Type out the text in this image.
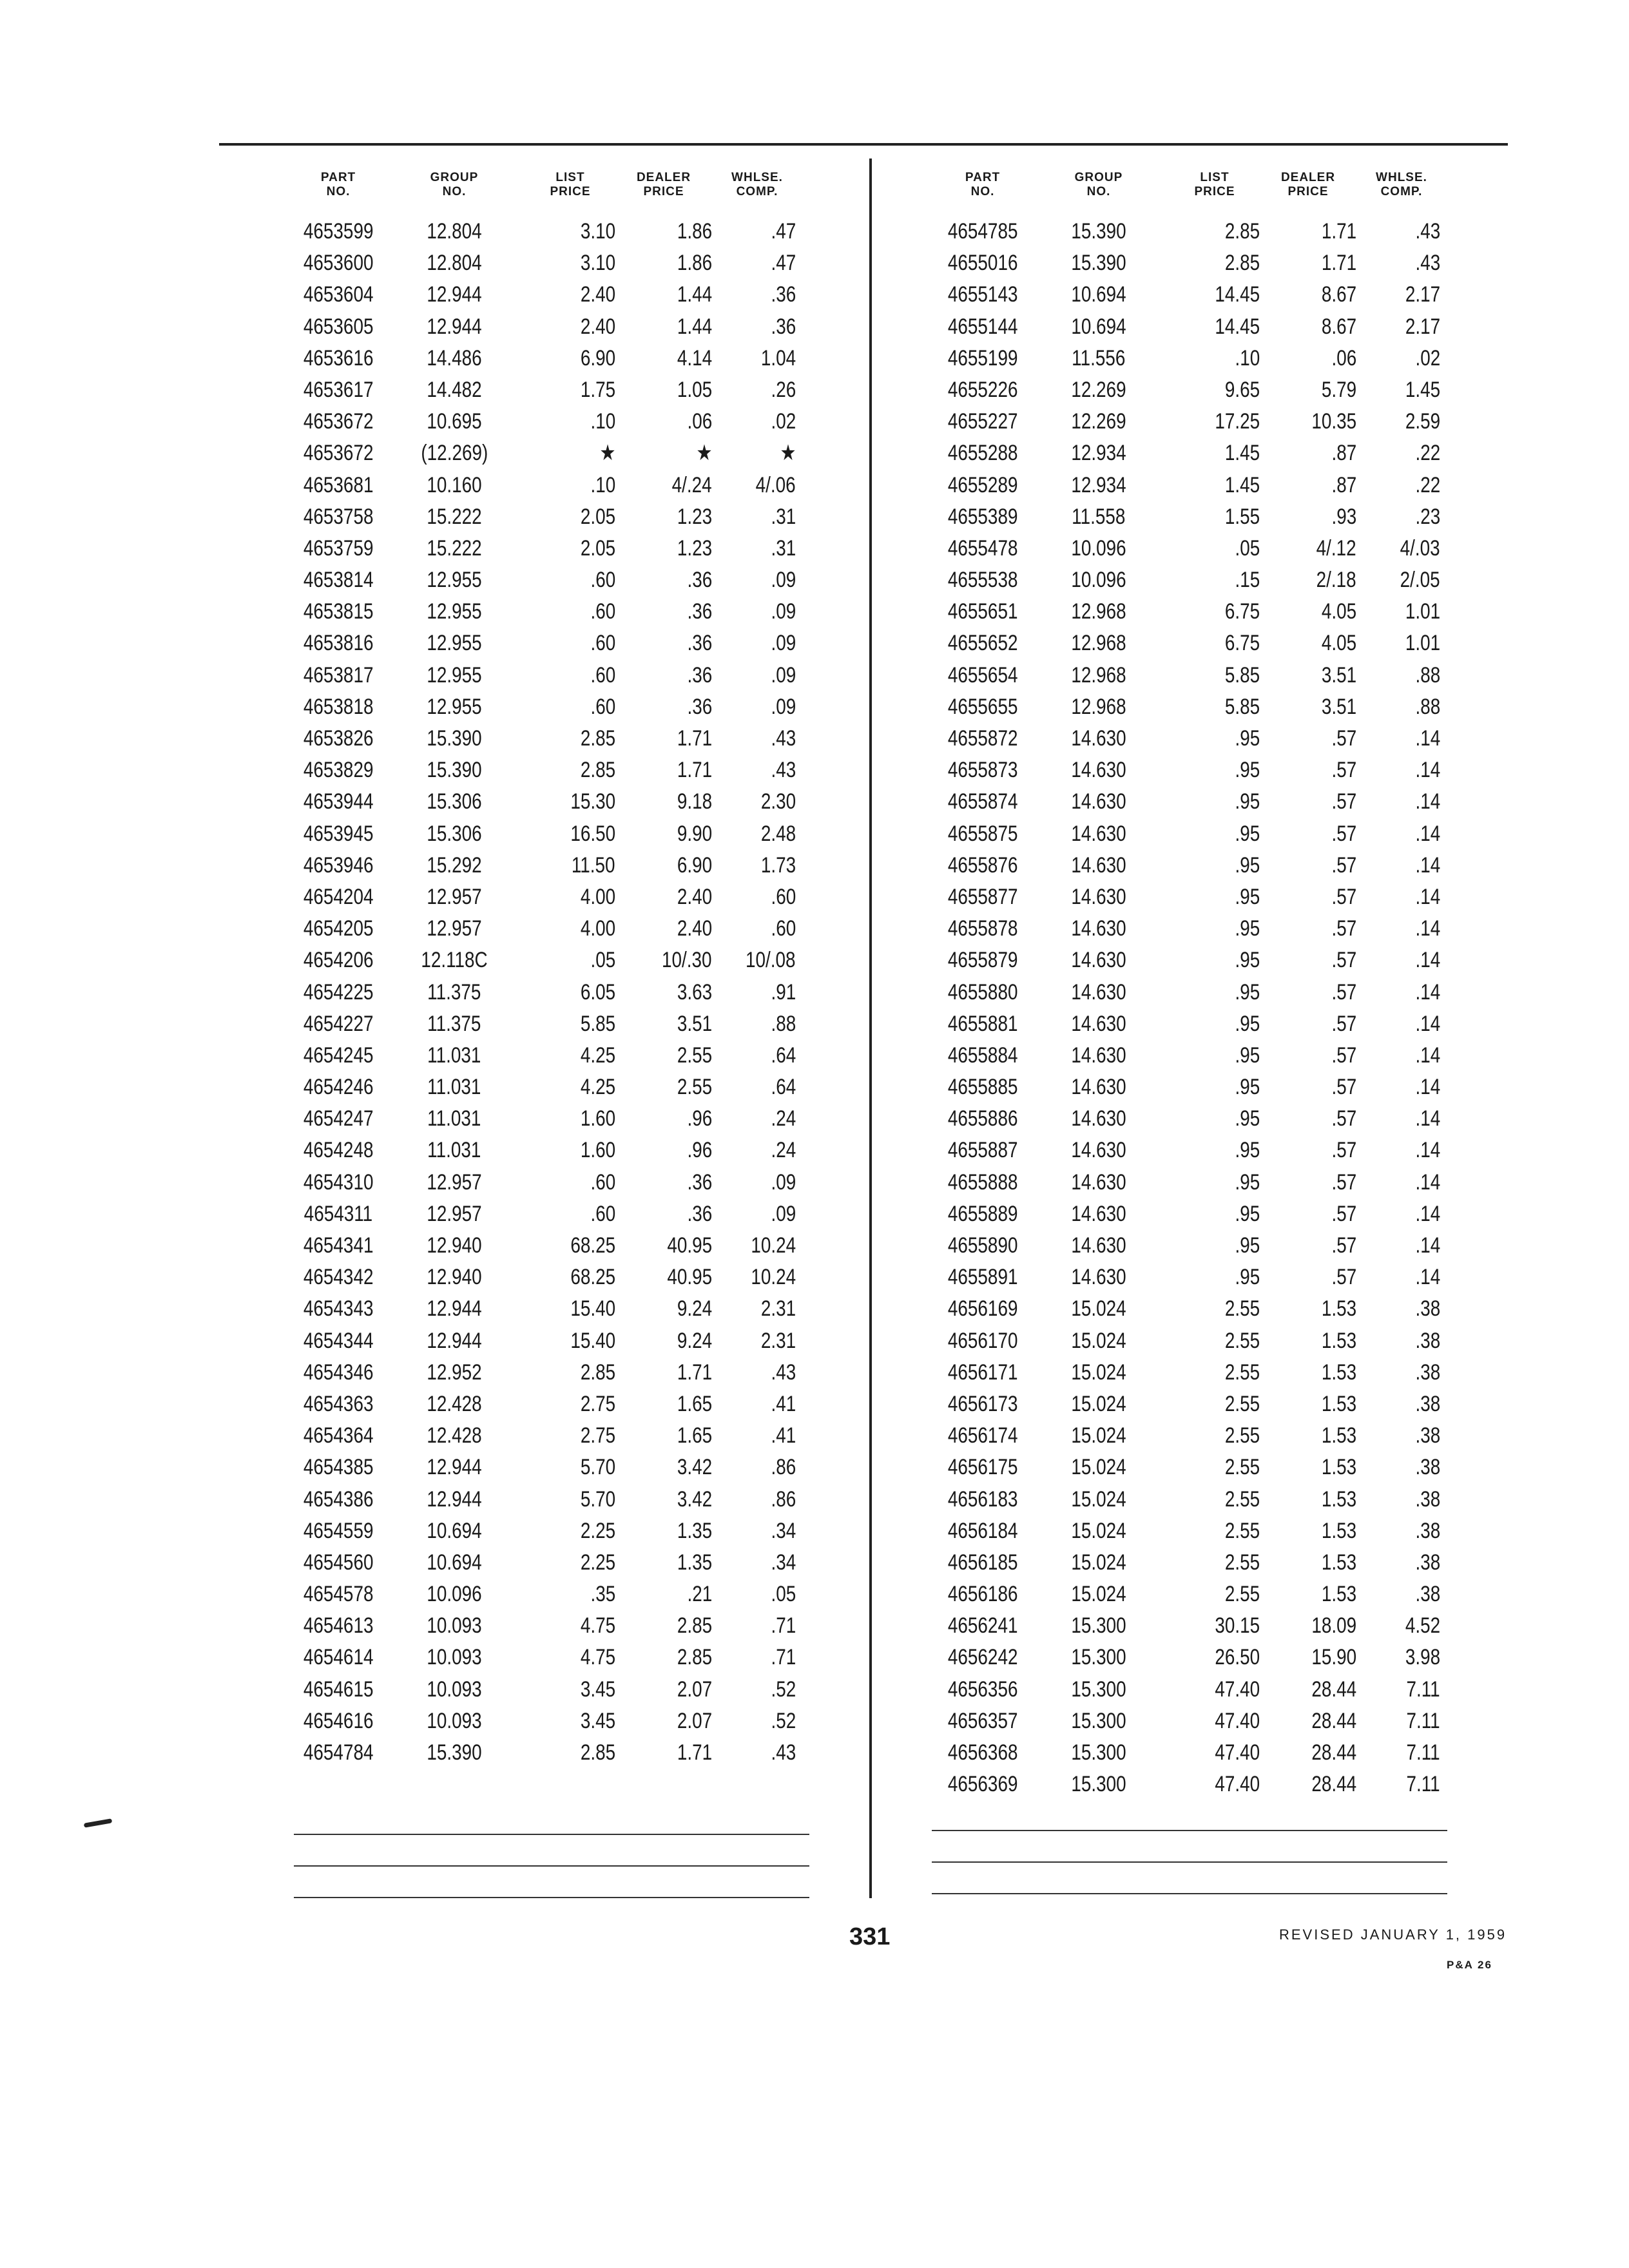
PART
NO.
GROUP
NO.
LIST
PRICE
DEALER
PRICE
WHLSE.
COMP.
4653599	12.804	3.10	1.86	.47
4653600	12.804	3.10	1.86	.47
4653604	12.944	2.40	1.44	.36
4653605	12.944	2.40	1.44	.36
4653616	14.486	6.90	4.14	1.04
4653617	14.482	1.75	1.05	.26
4653672	10.695	.10	.06	.02
4653672	(12.269)	★	★	★
4653681	10.160	.10	4/.24	4/.06
4653758	15.222	2.05	1.23	.31
4653759	15.222	2.05	1.23	.31
4653814	12.955	.60	.36	.09
4653815	12.955	.60	.36	.09
4653816	12.955	.60	.36	.09
4653817	12.955	.60	.36	.09
4653818	12.955	.60	.36	.09
4653826	15.390	2.85	1.71	.43
4653829	15.390	2.85	1.71	.43
4653944	15.306	15.30	9.18	2.30
4653945	15.306	16.50	9.90	2.48
4653946	15.292	11.50	6.90	1.73
4654204	12.957	4.00	2.40	.60
4654205	12.957	4.00	2.40	.60
4654206	12.118C	.05	10/.30	10/.08
4654225	11.375	6.05	3.63	.91
4654227	11.375	5.85	3.51	.88
4654245	11.031	4.25	2.55	.64
4654246	11.031	4.25	2.55	.64
4654247	11.031	1.60	.96	.24
4654248	11.031	1.60	.96	.24
4654310	12.957	.60	.36	.09
4654311	12.957	.60	.36	.09
4654341	12.940	68.25	40.95	10.24
4654342	12.940	68.25	40.95	10.24
4654343	12.944	15.40	9.24	2.31
4654344	12.944	15.40	9.24	2.31
4654346	12.952	2.85	1.71	.43
4654363	12.428	2.75	1.65	.41
4654364	12.428	2.75	1.65	.41
4654385	12.944	5.70	3.42	.86
4654386	12.944	5.70	3.42	.86
4654559	10.694	2.25	1.35	.34
4654560	10.694	2.25	1.35	.34
4654578	10.096	.35	.21	.05
4654613	10.093	4.75	2.85	.71
4654614	10.093	4.75	2.85	.71
4654615	10.093	3.45	2.07	.52
4654616	10.093	3.45	2.07	.52
4654784	15.390	2.85	1.71	.43
PART
NO.
GROUP
NO.
LIST
PRICE
DEALER
PRICE
WHLSE.
COMP.
4654785	15.390	2.85	1.71	.43
4655016	15.390	2.85	1.71	.43
4655143	10.694	14.45	8.67	2.17
4655144	10.694	14.45	8.67	2.17
4655199	11.556	.10	.06	.02
4655226	12.269	9.65	5.79	1.45
4655227	12.269	17.25	10.35	2.59
4655288	12.934	1.45	.87	.22
4655289	12.934	1.45	.87	.22
4655389	11.558	1.55	.93	.23
4655478	10.096	.05	4/.12	4/.03
4655538	10.096	.15	2/.18	2/.05
4655651	12.968	6.75	4.05	1.01
4655652	12.968	6.75	4.05	1.01
4655654	12.968	5.85	3.51	.88
4655655	12.968	5.85	3.51	.88
4655872	14.630	.95	.57	.14
4655873	14.630	.95	.57	.14
4655874	14.630	.95	.57	.14
4655875	14.630	.95	.57	.14
4655876	14.630	.95	.57	.14
4655877	14.630	.95	.57	.14
4655878	14.630	.95	.57	.14
4655879	14.630	.95	.57	.14
4655880	14.630	.95	.57	.14
4655881	14.630	.95	.57	.14
4655884	14.630	.95	.57	.14
4655885	14.630	.95	.57	.14
4655886	14.630	.95	.57	.14
4655887	14.630	.95	.57	.14
4655888	14.630	.95	.57	.14
4655889	14.630	.95	.57	.14
4655890	14.630	.95	.57	.14
4655891	14.630	.95	.57	.14
4656169	15.024	2.55	1.53	.38
4656170	15.024	2.55	1.53	.38
4656171	15.024	2.55	1.53	.38
4656173	15.024	2.55	1.53	.38
4656174	15.024	2.55	1.53	.38
4656175	15.024	2.55	1.53	.38
4656183	15.024	2.55	1.53	.38
4656184	15.024	2.55	1.53	.38
4656185	15.024	2.55	1.53	.38
4656186	15.024	2.55	1.53	.38
4656241	15.300	30.15	18.09	4.52
4656242	15.300	26.50	15.90	3.98
4656356	15.300	47.40	28.44	7.11
4656357	15.300	47.40	28.44	7.11
4656368	15.300	47.40	28.44	7.11
4656369	15.300	47.40	28.44	7.11
331	REVISED JANUARY 1, 1959
P&A 26
